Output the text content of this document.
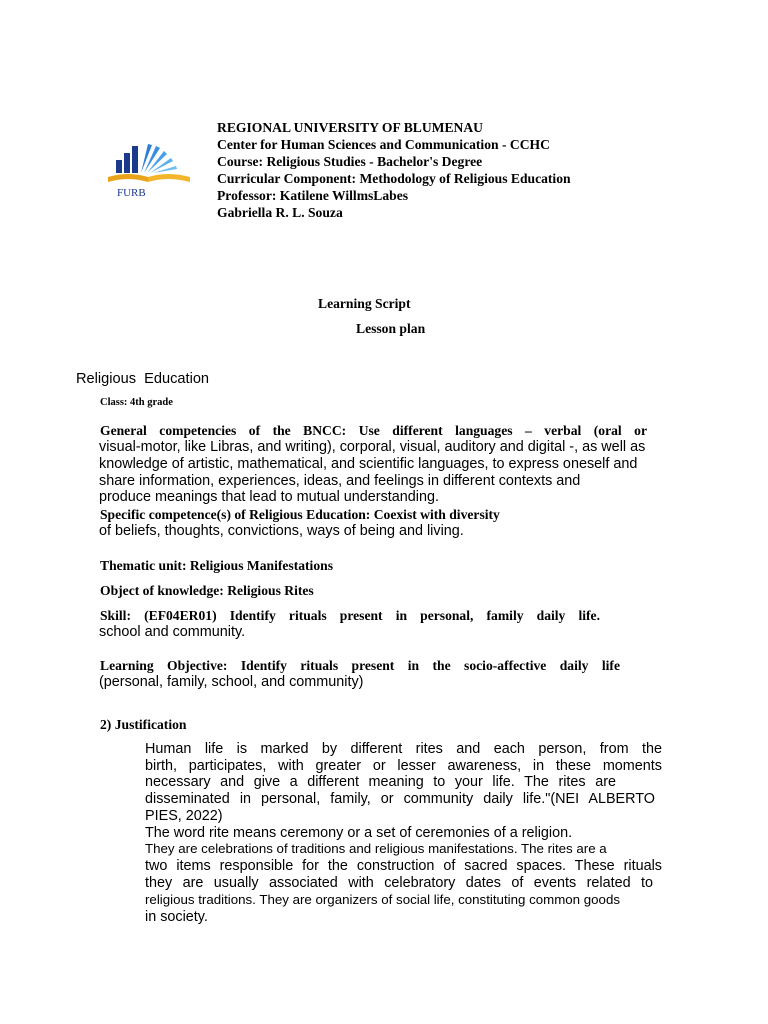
FURB
REGIONAL UNIVERSITY OF BLUMENAU
Center for Human Sciences and Communication - CCHC
Course: Religious Studies - Bachelor's Degree
Curricular Component: Methodology of Religious Education
Professor: Katilene WillmsLabes
Gabriella R. L. Souza
Learning Script
Lesson plan
Religious  Education
Class: 4th grade
General competencies of the BNCC: Use different languages – verbal (oral or
visual-motor, like Libras, and writing), corporal, visual, auditory and digital -, as well as
knowledge of artistic, mathematical, and scientific languages, to express oneself and
share information, experiences, ideas, and feelings in different contexts and
produce meanings that lead to mutual understanding.
Specific competence(s) of Religious Education: Coexist with diversity
of beliefs, thoughts, convictions, ways of being and living.
Thematic unit: Religious Manifestations
Object of knowledge: Religious Rites
Skill: (EF04ER01) Identify rituals present in personal, family daily life.
school and community.
Learning Objective: Identify rituals present in the socio-affective daily life
(personal, family, school, and community)
2) Justification
Human life is marked by different rites and each person, from the
birth, participates, with greater or lesser awareness, in these moments
necessary and give a different meaning to your life. The rites are
disseminated in personal, family, or community daily life."(NEI ALBERTO
PIES, 2022)
The word rite means ceremony or a set of ceremonies of a religion.
They are celebrations of traditions and religious manifestations. The rites are a
two items responsible for the construction of sacred spaces. These rituals
they are usually associated with celebratory dates of events related to
religious traditions. They are organizers of social life, constituting common goods
in society.
